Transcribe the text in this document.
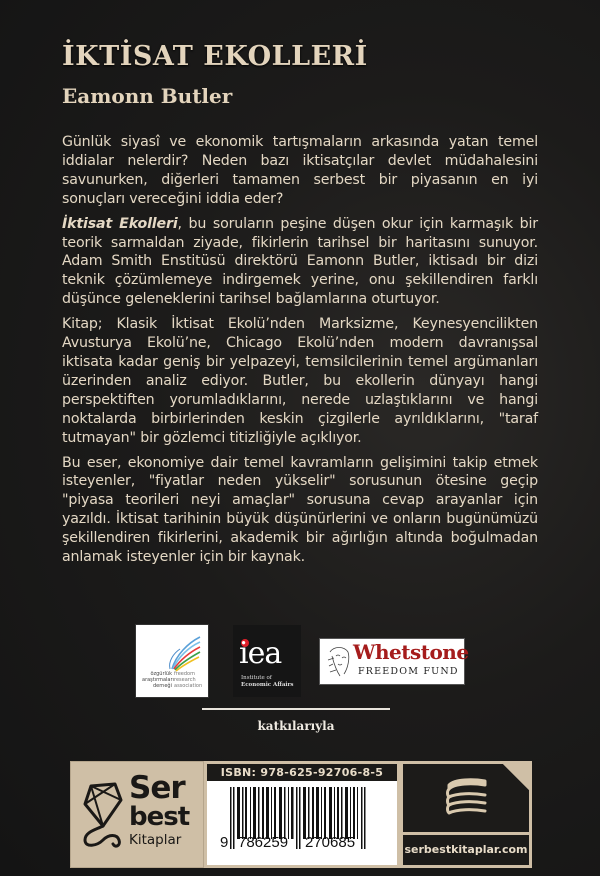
İKTİSAT EKOLLERİ
Eamonn Butler

Günlük siyasî ve ekonomik tartışmaların arkasında yatan temel iddialar nelerdir? Neden bazı iktisatçılar devlet müdahalesini savunurken, diğerleri tamamen serbest bir piyasanın en iyi sonuçları vereceğini iddia eder?

İktisat Ekolleri, bu soruların peşine düşen okur için karmaşık bir teorik sarmaldan ziyade, fikirlerin tarihsel bir haritasını sunuyor. Adam Smith Enstitüsü direktörü Eamonn Butler, iktisadı bir dizi teknik çözümlemeye indirgemek yerine, onu şekillendiren farklı düşünce geleneklerini tarihsel bağlamlarına oturtuyor.

Kitap; Klasik İktisat Ekolü’nden Marksizme, Keynesyencilikten Avusturya Ekolü’ne, Chicago Ekolü’nden modern davranışsal iktisata kadar geniş bir yelpazeyi, temsilcilerinin temel argümanları üzerinden analiz ediyor. Butler, bu ekollerin dünyayı hangi perspektiften yorumladıklarını, nerede uzlaştıklarını ve hangi noktalarda birbirlerinden keskin çizgilerle ayrıldıklarını, "taraf tutmayan" bir gözlemci titizliğiyle açıklıyor.

Bu eser, ekonomiye dair temel kavramların gelişimini takip etmek isteyenler, "fiyatlar neden yükselir" sorusunun ötesine geçip "piyasa teorileri neyi amaçlar" sorusuna cevap arayanlar için yazıldı. İktisat tarihinin büyük düşünürlerini ve onların bugünümüzü şekillendiren fikirlerini, akademik bir ağırlığın altında boğulmadan anlamak isteyenler için bir kaynak.

özgürlük
araştırmaları
derneği
freedom
research
association
iea
Institute of
Economic Affairs
Whetstone
FREEDOM FUND
katkılarıyla
Ser
best
Kitaplar
ISBN: 978-625-92706-8-5
9 786259 270685	serbestkitaplar.com
